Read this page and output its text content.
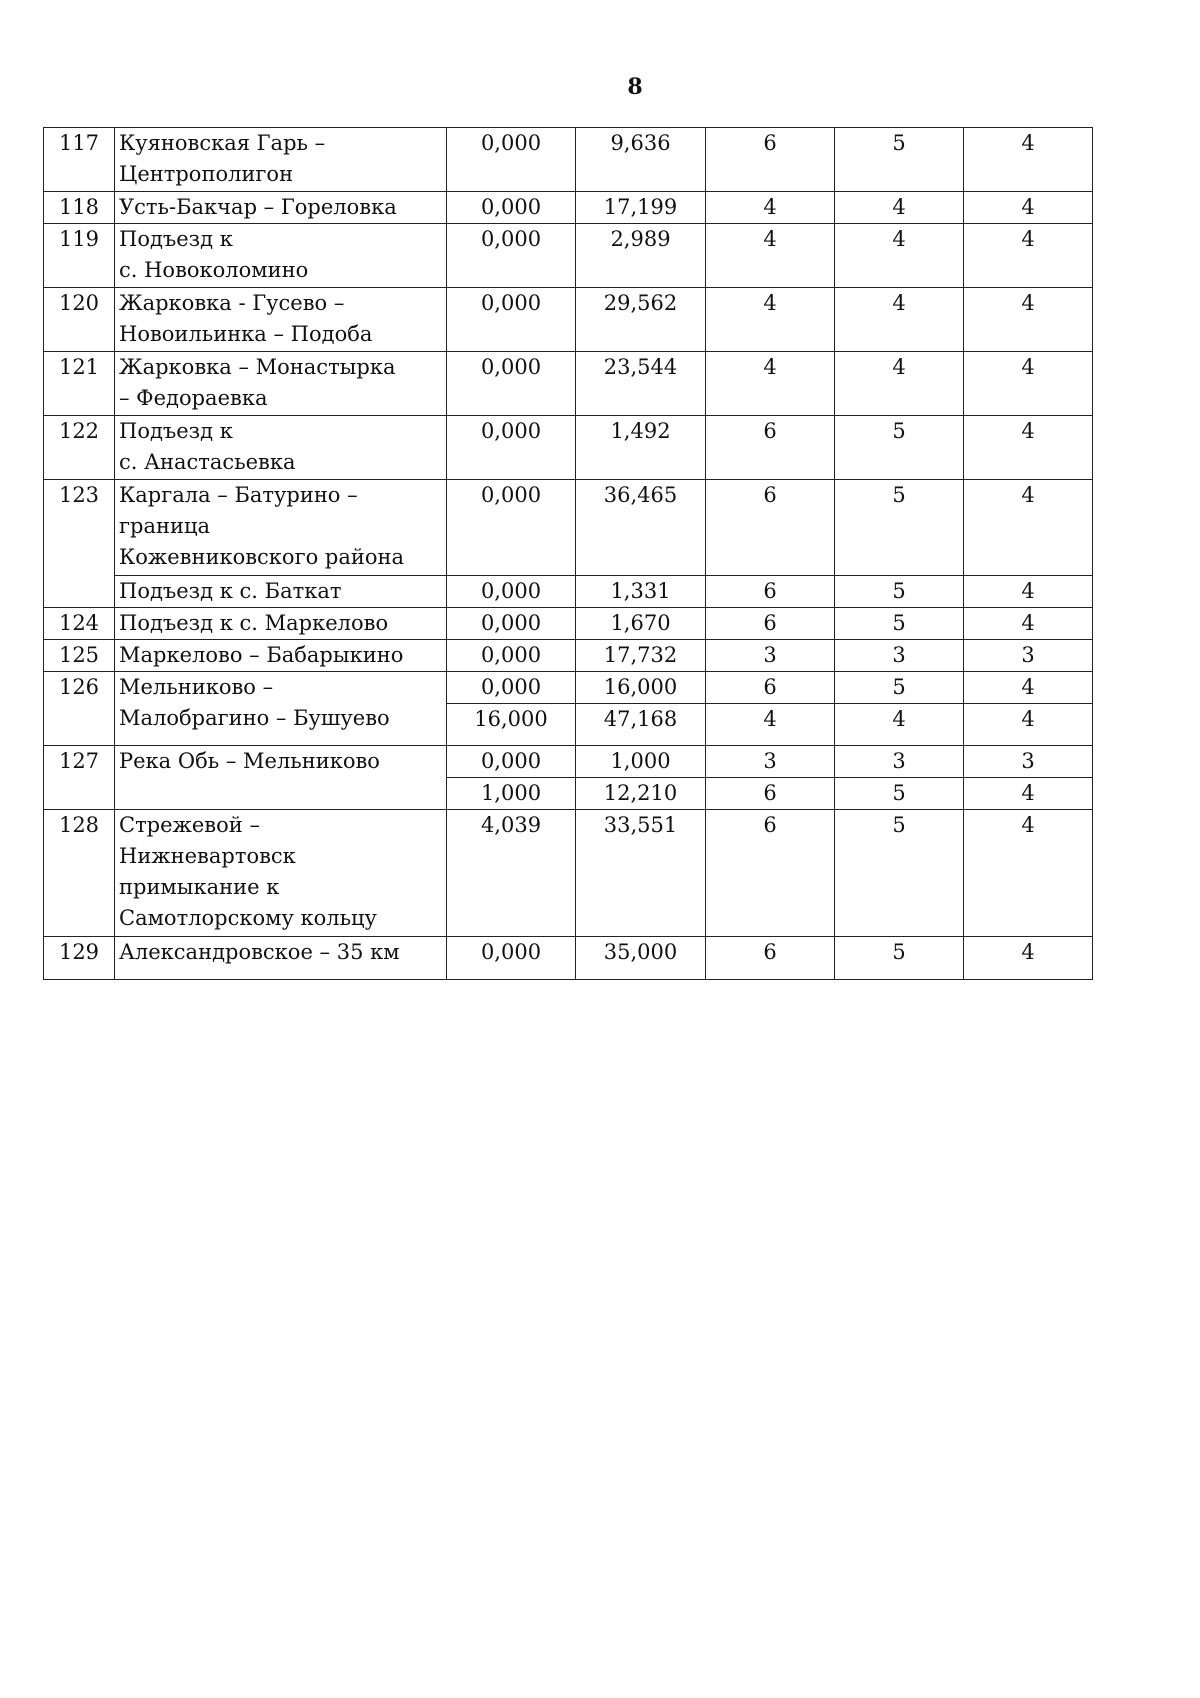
8
117	Куяновская Гарь –
Центрополигон	0,000	9,636	6	5	4
118	Усть-Бакчар – Гореловка	0,000	17,199	4	4	4
119	Подъезд к
с. Новоколомино	0,000	2,989	4	4	4
120	Жарковка - Гусево –
Новоильинка – Подоба	0,000	29,562	4	4	4
121	Жарковка – Монастырка
– Федораевка	0,000	23,544	4	4	4
122	Подъезд к
с. Анастасьевка	0,000	1,492	6	5	4
123	Каргала – Батурино –
граница
Кожевниковского района	0,000	36,465	6	5	4
	Подъезд к с. Баткат	0,000	1,331	6	5	4
124	Подъезд к с. Маркелово	0,000	1,670	6	5	4
125	Маркелово – Бабарыкино	0,000	17,732	3	3	3
126	Мельниково –
Малобрагино – Бушуево	0,000	16,000	6	5	4
		16,000	47,168	4	4	4
127	Река Обь – Мельниково	0,000	1,000	3	3	3
		1,000	12,210	6	5	4
128	Стрежевой –
Нижневартовск
примыкание к
Самотлорскому кольцу	4,039	33,551	6	5	4
129	Александровское – 35 км	0,000	35,000	6	5	4
